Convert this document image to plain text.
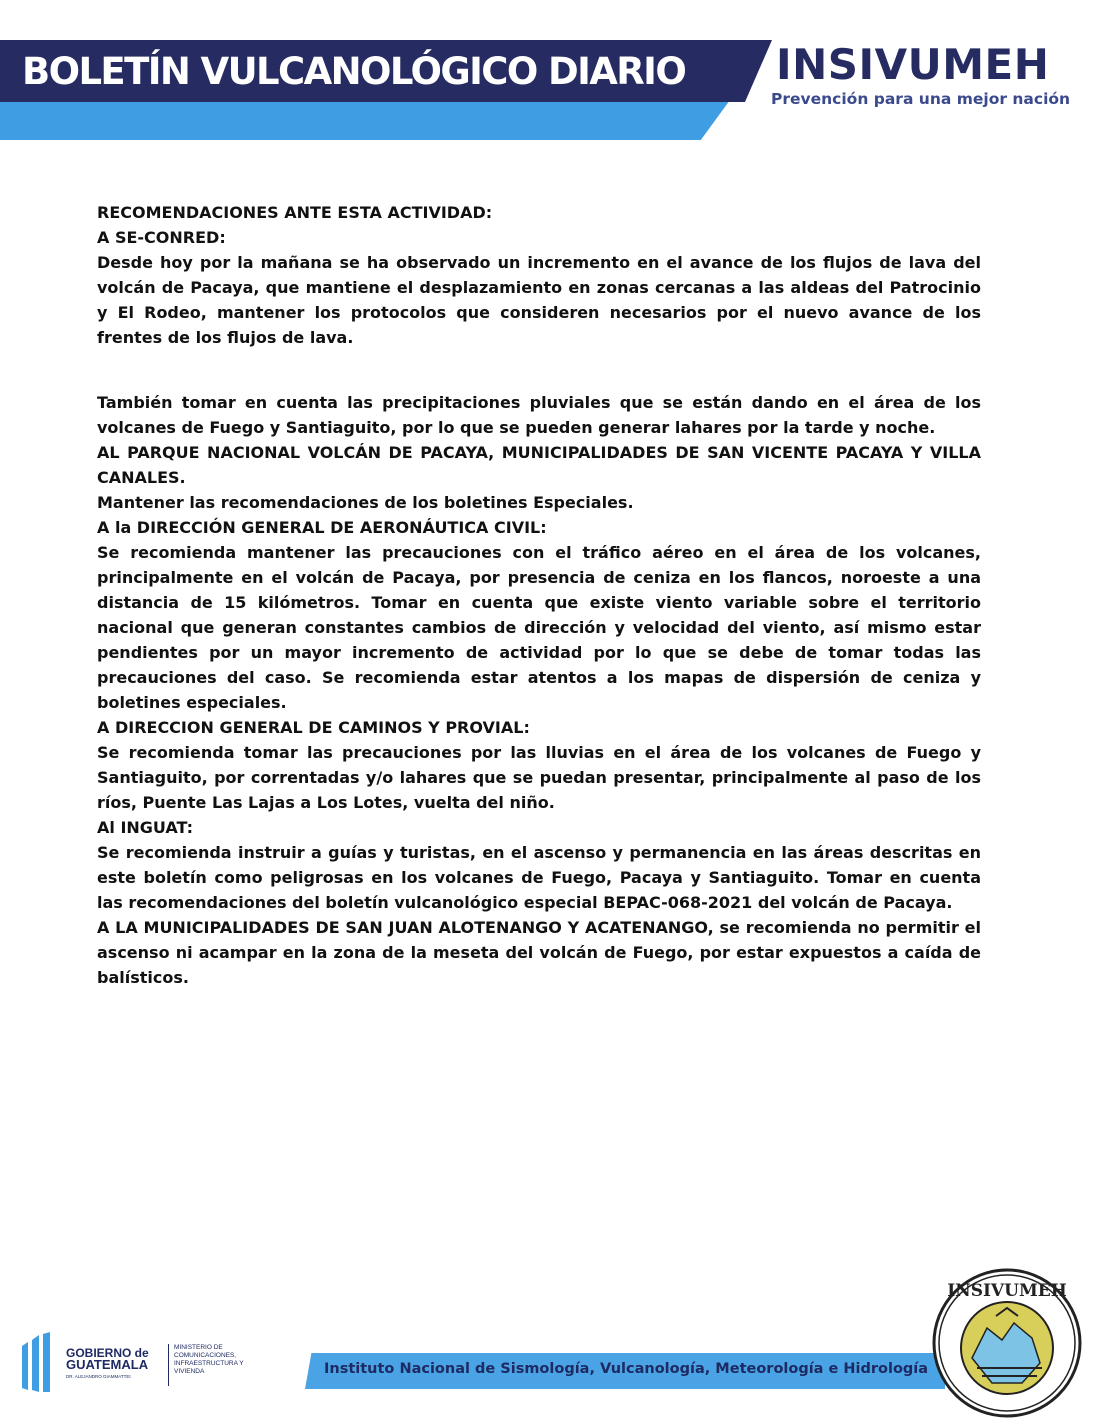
BOLETÍN VULCANOLÓGICO DIARIO INSIVUMEH
Prevención para una mejor nación

RECOMENDACIONES ANTE ESTA ACTIVIDAD:

A SE-CONRED:

Desde hoy por la mañana se ha observado un incremento en el avance de los flujos de lava del volcán de Pacaya, que mantiene el desplazamiento en zonas cercanas a las aldeas del Patrocinio y El Rodeo, mantener los protocolos que consideren necesarios por el nuevo avance de los frentes de los flujos de lava.

También tomar en cuenta las precipitaciones pluviales que se están dando en el área de los volcanes de Fuego y Santiaguito, por lo que se pueden generar lahares por la tarde y noche.

AL PARQUE NACIONAL VOLCÁN DE PACAYA, MUNICIPALIDADES DE SAN VICENTE PACAYA Y VILLA CANALES.

Mantener las recomendaciones de los boletines Especiales.

A la DIRECCIÓN GENERAL DE AERONÁUTICA CIVIL:

Se recomienda mantener las precauciones con el tráfico aéreo en el área de los volcanes, principalmente en el volcán de Pacaya, por presencia de ceniza en los flancos, noroeste a una distancia de 15 kilómetros. Tomar en cuenta que existe viento variable sobre el territorio nacional que generan constantes cambios de dirección y velocidad del viento, así mismo estar pendientes por un mayor incremento de actividad por lo que se debe de tomar todas las precauciones del caso. Se recomienda estar atentos a los mapas de dispersión de ceniza y boletines especiales.

A DIRECCION GENERAL DE CAMINOS Y PROVIAL:

Se recomienda tomar las precauciones por las lluvias en el área de los volcanes de Fuego y Santiaguito, por correntadas y/o lahares que se puedan presentar, principalmente al paso de los ríos, Puente Las Lajas a Los Lotes, vuelta del niño.

Al INGUAT:

Se recomienda instruir a guías y turistas, en el ascenso y permanencia en las áreas descritas en este boletín como peligrosas en los volcanes de Fuego, Pacaya y Santiaguito. Tomar en cuenta las recomendaciones del boletín vulcanológico especial BEPAC-068-2021 del volcán de Pacaya.

A LA MUNICIPALIDADES DE SAN JUAN ALOTENANGO Y ACATENANGO, se recomienda no permitir el ascenso ni acampar en la zona de la meseta del volcán de Fuego, por estar expuestos a caída de balísticos.

GOBIERNO de
GUATEMALA
DR. ALEJANDRO GIAMMATTEI
MINISTERIO DE COMUNICACIONES, INFRAESTRUCTURA Y VIVIENDA	Instituto Nacional de Sismología, Vulcanología, Meteorología e Hidrología
INSIVUMEH
